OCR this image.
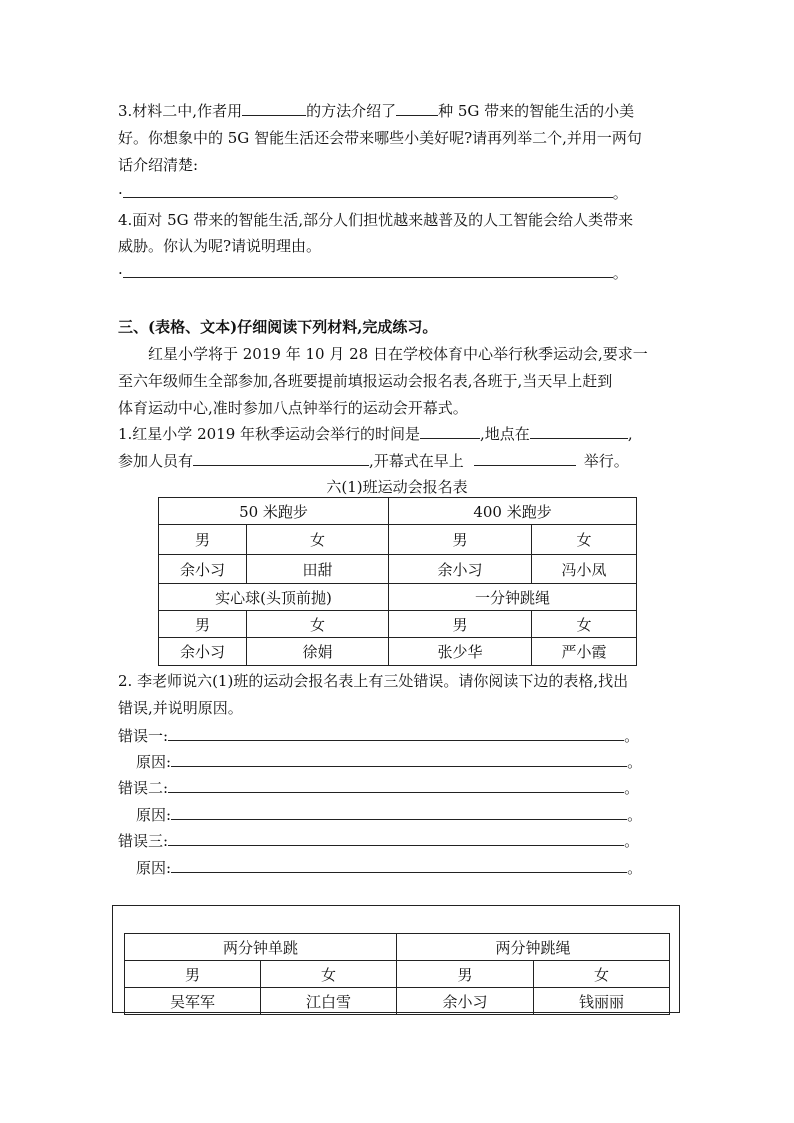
3.材料二中,作者用	的方法介绍了	种 5G 带来的智能生活的小美
好。你想象中的 5G 智能生活还会带来哪些小美好呢?请再列举二个,并用一两句
话介绍清楚:
·	。
4.面对 5G 带来的智能生活,部分人们担忧越来越普及的人工智能会给人类带来
威胁。你认为呢?请说明理由。
·	。
三、(表格、文本)仔细阅读下列材料,完成练习。
红星小学将于 2019 年 10 月 28 日在学校体育中心举行秋季运动会,要求一
至六年级师生全部参加,各班要提前填报运动会报名表,各班于,当天早上赶到
体育运动中心,准时参加八点钟举行的运动会开幕式。
1.红星小学 2019 年秋季运动会举行的时间是	,地点在	,
参加人员有	,开幕式在早上	举行。
六(1)班运动会报名表
50 米跑步		400 米跑步	
男	女	男	女
余小习	田甜	余小习	冯小凤
实心球(头顶前抛)		一分钟跳绳	
男	女	男	女
余小习	徐娟	张少华	严小霞
2. 李老师说六(1)班的运动会报名表上有三处错误。请你阅读下边的表格,找出
错误,并说明原因。
错误一:	。
原因:	。
错误二:	。
原因:	。
错误三:	。
原因:	。
两分钟单跳		两分钟跳绳	
男	女	男	女
吴军军	江白雪	余小习	钱丽丽
